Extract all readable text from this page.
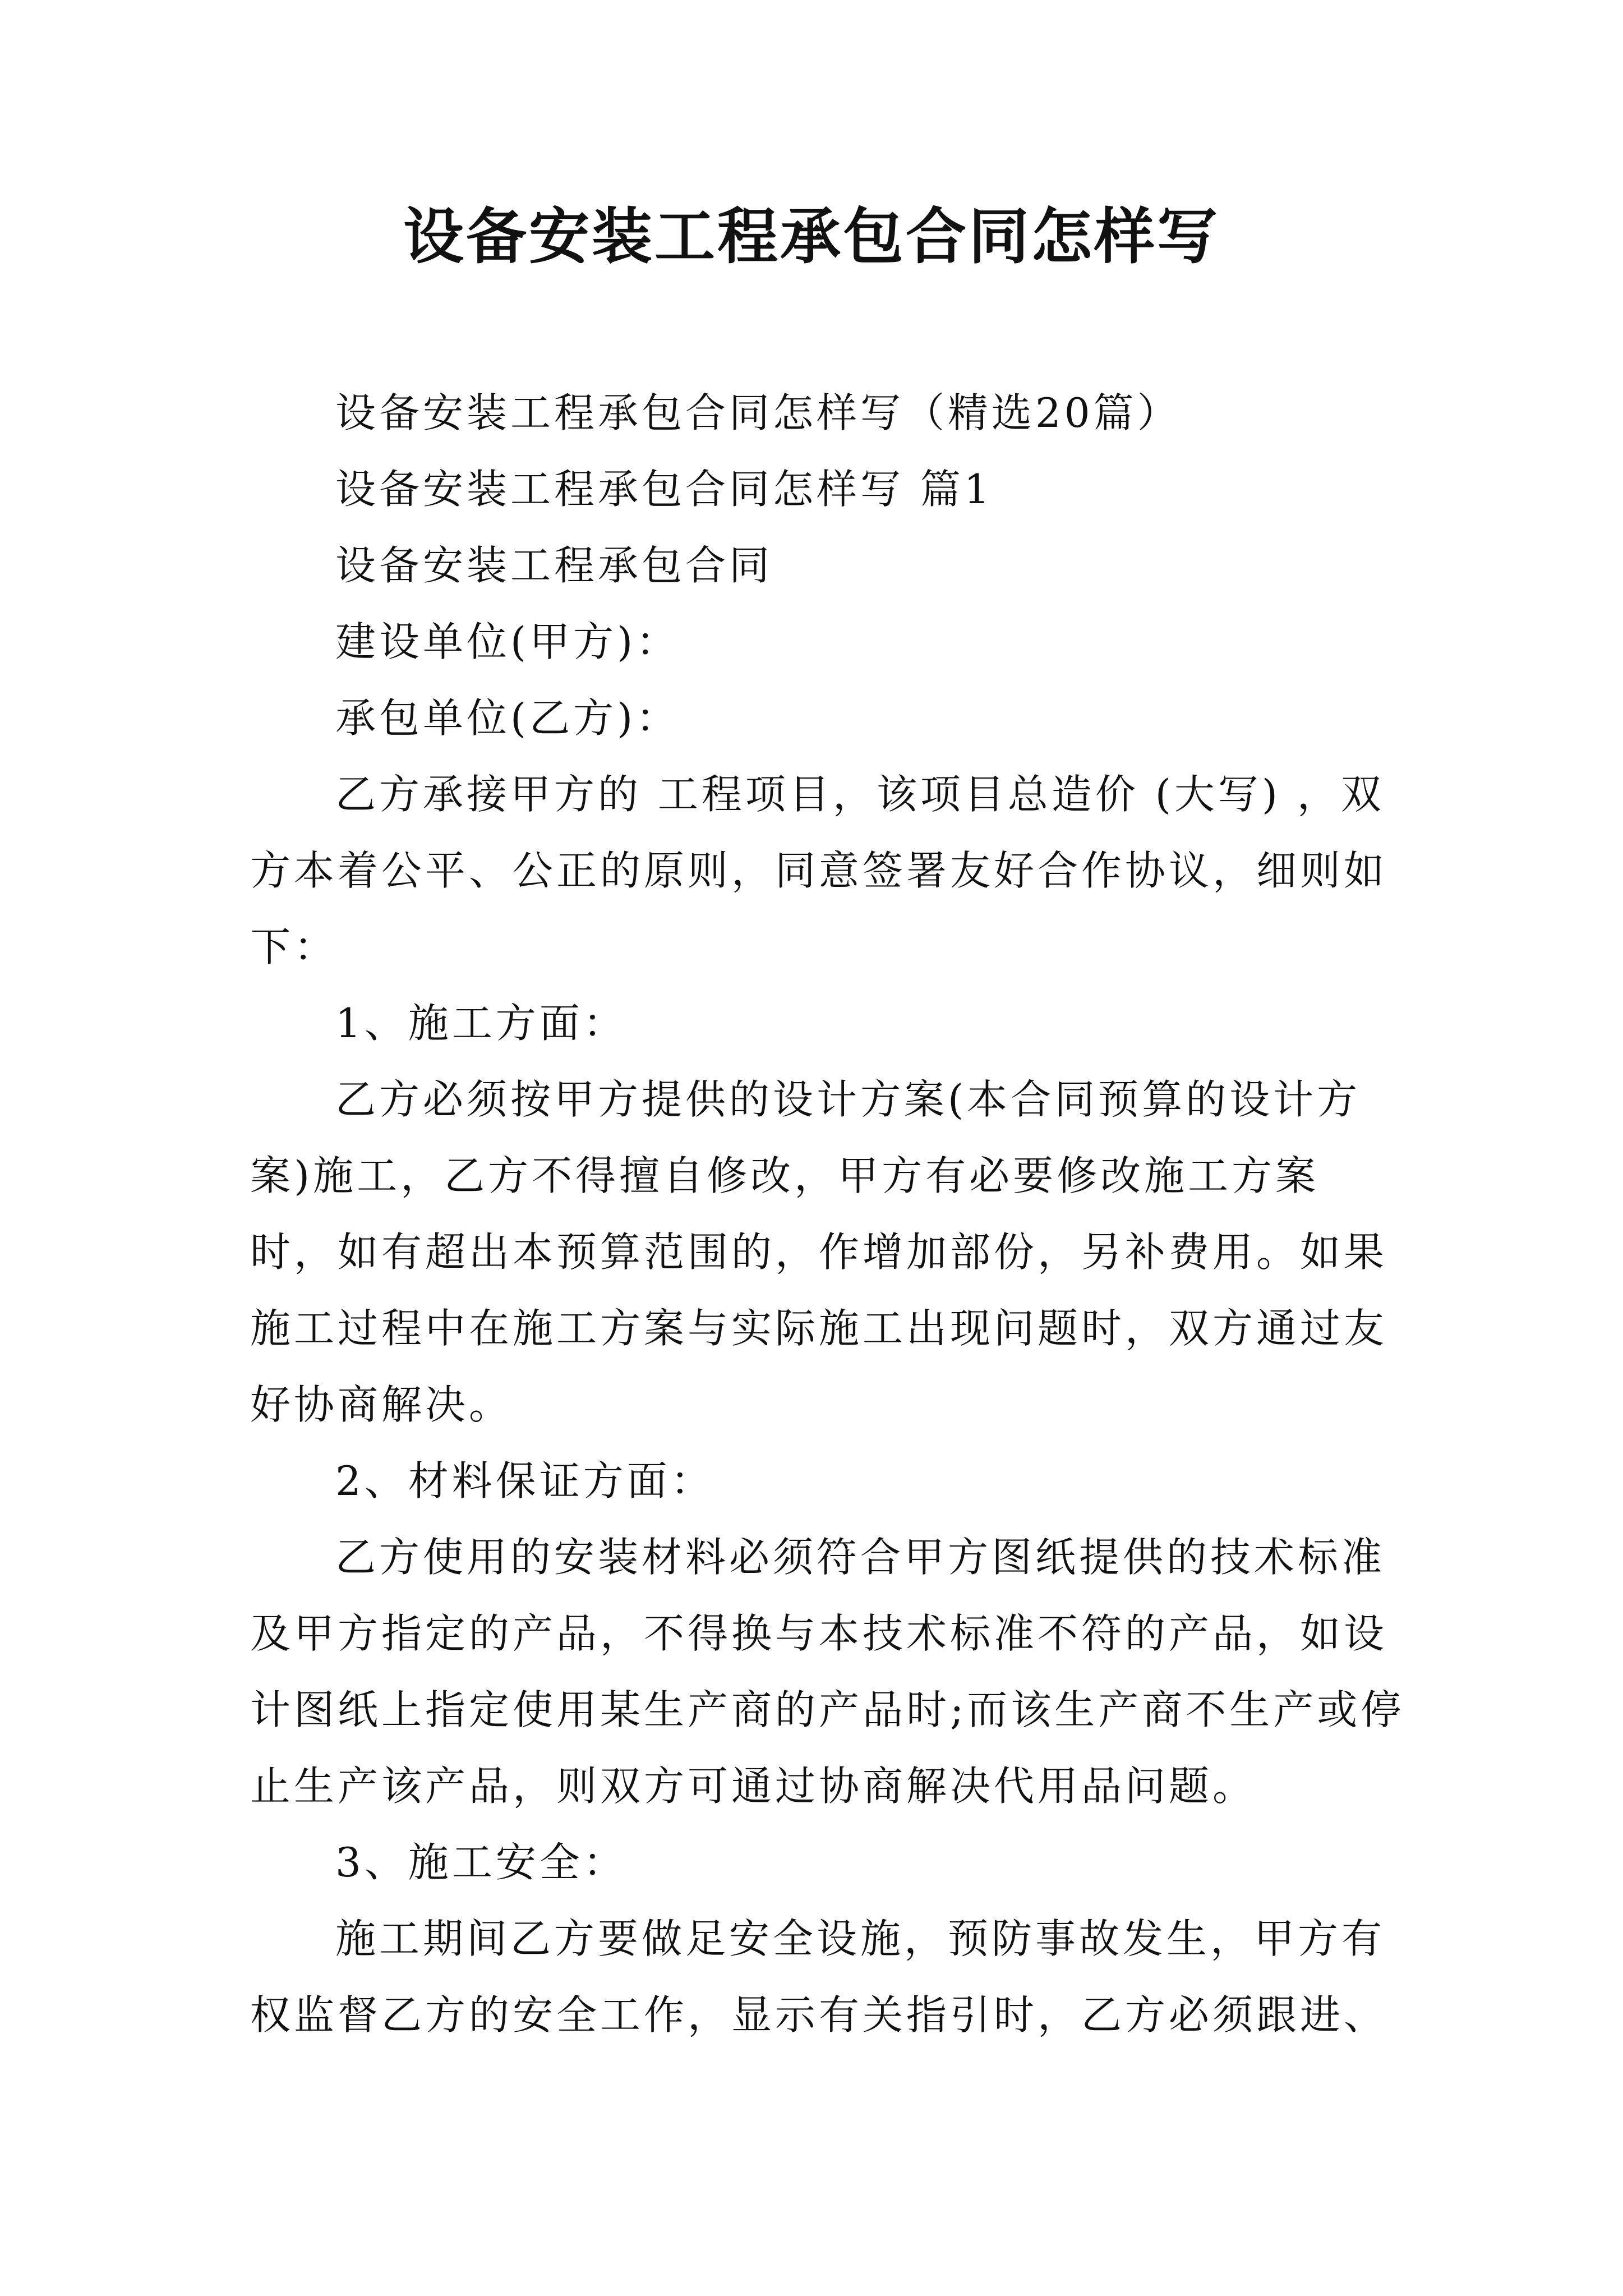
设备安装工程承包合同怎样写

设备安装工程承包合同怎样写（精选20篇）

设备安装工程承包合同怎样写 篇1

设备安装工程承包合同

建设单位(甲方)：

承包单位(乙方)：

乙方承接甲方的 工程项目，该项目总造价 (大写) ，双方本着公平、公正的原则，同意签署友好合作协议，细则如下：

1、施工方面：

乙方必须按甲方提供的设计方案(本合同预算的设计方案)施工，乙方不得擅自修改，甲方有必要修改施工方案时，如有超出本预算范围的，作增加部份，另补费用。如果施工过程中在施工方案与实际施工出现问题时，双方通过友好协商解决。

2、材料保证方面：

乙方使用的安装材料必须符合甲方图纸提供的技术标准及甲方指定的产品，不得换与本技术标准不符的产品，如设计图纸上指定使用某生产商的产品时;而该生产商不生产或停止生产该产品，则双方可通过协商解决代用品问题。

3、施工安全：

施工期间乙方要做足安全设施，预防事故发生，甲方有权监督乙方的安全工作，显示有关指引时，乙方必须跟进、
